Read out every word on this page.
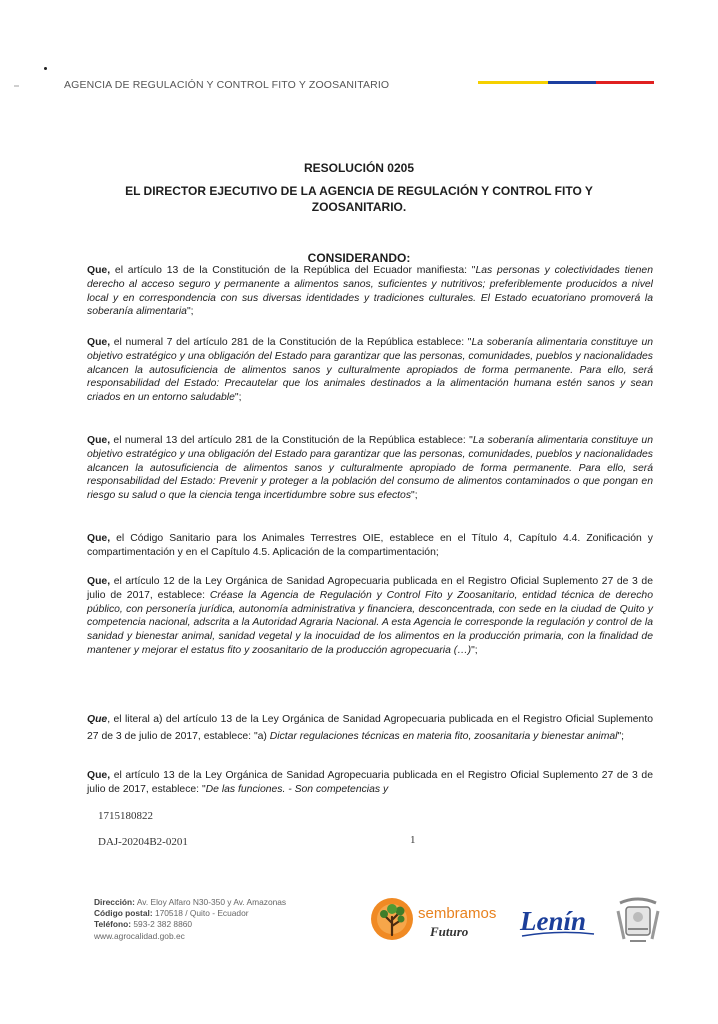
AGENCIA DE REGULACIÓN Y CONTROL FITO Y ZOOSANITARIO
RESOLUCIÓN 0205
EL DIRECTOR EJECUTIVO DE LA AGENCIA DE REGULACIÓN Y CONTROL FITO Y ZOOSANITARIO.
CONSIDERANDO:

Que, el artículo 13 de la Constitución de la República del Ecuador manifiesta: "Las personas y colectividades tienen derecho al acceso seguro y permanente a alimentos sanos, suficientes y nutritivos; preferiblemente producidos a nivel local y en correspondencia con sus diversas identidades y tradiciones culturales. El Estado ecuatoriano promoverá la soberanía alimentaria";

Que, el numeral 7 del artículo 281 de la Constitución de la República establece: "La soberanía alimentaria constituye un objetivo estratégico y una obligación del Estado para garantizar que las personas, comunidades, pueblos y nacionalidades alcancen la autosuficiencia de alimentos sanos y culturalmente apropiados de forma permanente. Para ello, será responsabilidad del Estado: Precautelar que los animales destinados a la alimentación humana estén sanos y sean criados en un entorno saludable";

Que, el numeral 13 del artículo 281 de la Constitución de la República establece: "La soberanía alimentaria constituye un objetivo estratégico y una obligación del Estado para garantizar que las personas, comunidades, pueblos y nacionalidades alcancen la autosuficiencia de alimentos sanos y culturalmente apropiado de forma permanente. Para ello, será responsabilidad del Estado: Prevenir y proteger a la población del consumo de alimentos contaminados o que pongan en riesgo su salud o que la ciencia tenga incertidumbre sobre sus efectos";

Que, el Código Sanitario para los Animales Terrestres OIE, establece en el Título 4, Capítulo 4.4. Zonificación y compartimentación y en el Capítulo 4.5. Aplicación de la compartimentación;

Que, el artículo 12 de la Ley Orgánica de Sanidad Agropecuaria publicada en el Registro Oficial Suplemento 27 de 3 de julio de 2017, establece: Créase la Agencia de Regulación y Control Fito y Zoosanitario, entidad técnica de derecho público, con personería jurídica, autonomía administrativa y financiera, desconcentrada, con sede en la ciudad de Quito y competencia nacional, adscrita a la Autoridad Agraria Nacional. A esta Agencia le corresponde la regulación y control de la sanidad y bienestar animal, sanidad vegetal y la inocuidad de los alimentos en la producción primaria, con la finalidad de mantener y mejorar el estatus fito y zoosanitario de la producción agropecuaria (…)";

Que, el literal a) del artículo 13 de la Ley Orgánica de Sanidad Agropecuaria publicada en el Registro Oficial Suplemento 27 de 3 de julio de 2017, establece: "a) Dictar regulaciones técnicas en materia fito, zoosanitaria y bienestar animal";

Que, el artículo 13 de la Ley Orgánica de Sanidad Agropecuaria publicada en el Registro Oficial Suplemento 27 de 3 de julio de 2017, establece: "De las funciones. - Son competencias y

1715180822
DAJ-20204B2-0201	1
Dirección: Av. Eloy Alfaro N30-350 y Av. Amazonas
Código postal: 170518 / Quito - Ecuador
Teléfono: 593-2 382 8860
www.agrocalidad.gob.ec
sembramos
Futuro Lenín
